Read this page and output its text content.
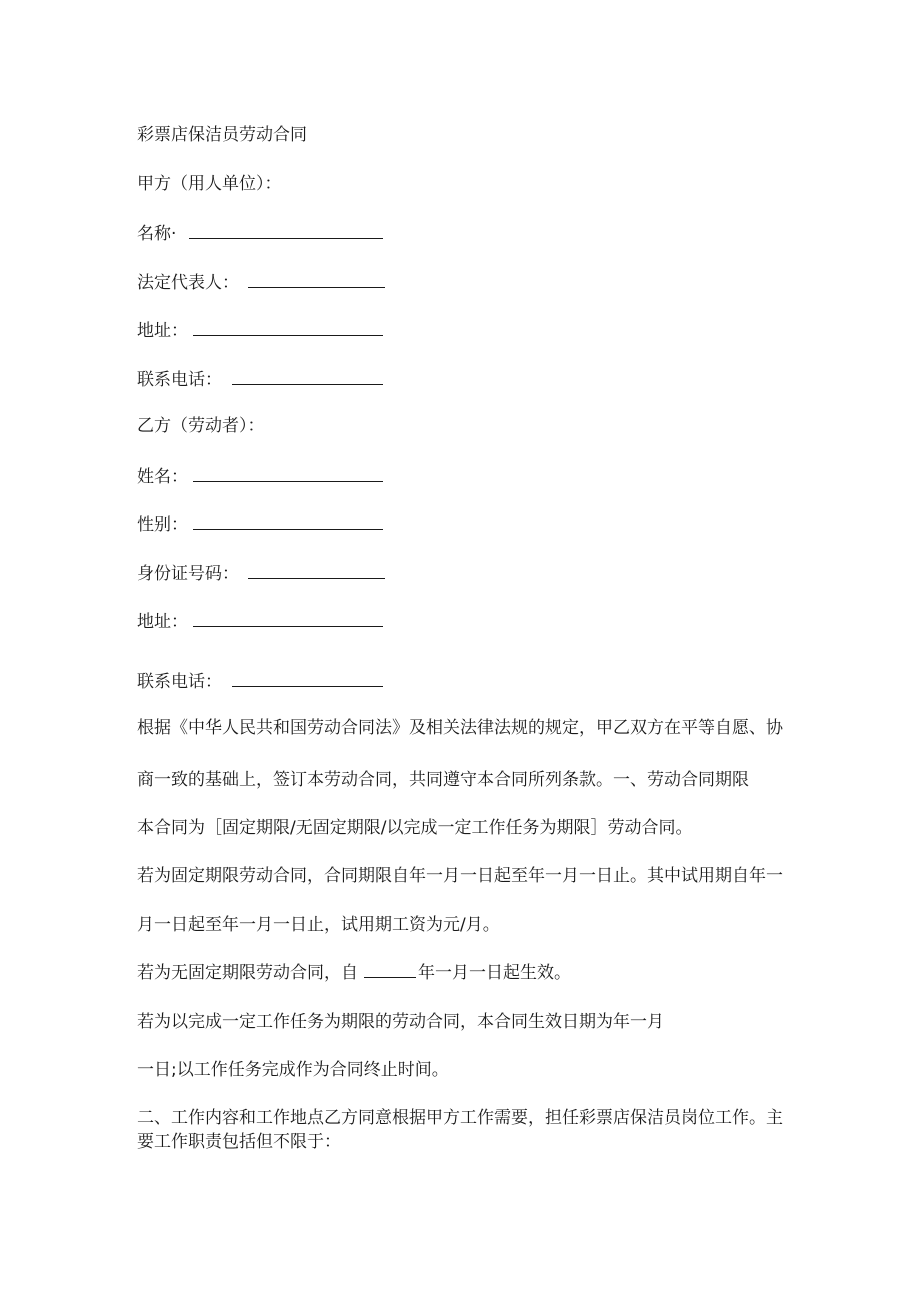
彩票店保洁员劳动合同
甲方（用人单位）：
名称·
法定代表人：
地址：
联系电话：
乙方（劳动者）：
姓名：
性别：
身份证号码：
地址：
联系电话：
根据《中华人民共和国劳动合同法》及相关法律法规的规定，甲乙双方在平等自愿、协
商一致的基础上，签订本劳动合同，共同遵守本合同所列条款。一、劳动合同期限
本合同为［固定期限/无固定期限/以完成一定工作任务为期限］劳动合同。
若为固定期限劳动合同，合同期限自年一月一日起至年一月一日止。其中试用期自年一
月一日起至年一月一日止，试用期工资为元/月。
若为无固定期限劳动合同，自	年一月一日起生效。
若为以完成一定工作任务为期限的劳动合同，本合同生效日期为年一月
一日;以工作任务完成作为合同终止时间。
二、工作内容和工作地点乙方同意根据甲方工作需要，担任彩票店保洁员岗位工作。主要工作职责包括但不限于：
